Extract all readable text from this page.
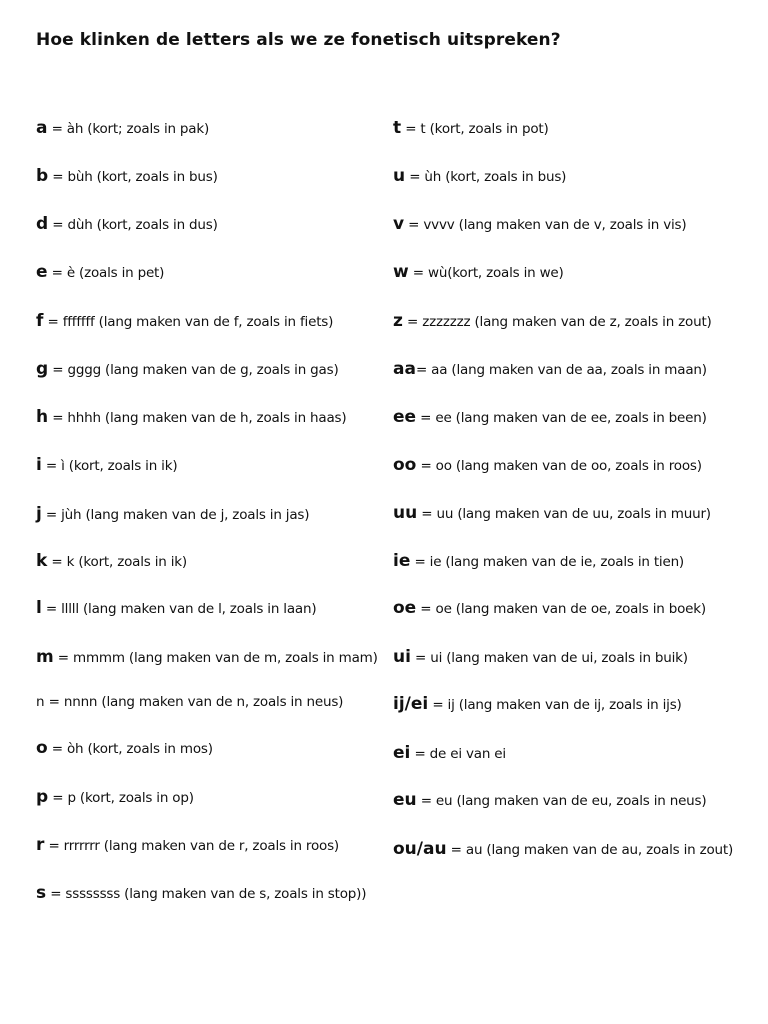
Hoe klinken de letters als we ze fonetisch uitspreken?
a = àh (kort; zoals in pak)
b = bùh (kort, zoals in bus)
d = dùh (kort, zoals in dus)
e = è (zoals in pet)
f = fffffff (lang maken van de f, zoals in fiets)
g = gggg (lang maken van de g, zoals in gas)
h = hhhh (lang maken van de h, zoals in haas)
i = ì (kort, zoals in ik)
j = jùh (lang maken van de j, zoals in jas)
k = k (kort, zoals in ik)
l = lllll (lang maken van de l, zoals in laan)
m = mmmm (lang maken van de m, zoals in mam)
n = nnnn (lang maken van de n, zoals in neus)
o = òh (kort, zoals in mos)
p = p (kort, zoals in op)
r = rrrrrrr (lang maken van de r, zoals in roos)
s = ssssssss (lang maken van de s, zoals in stop))
t = t (kort, zoals in pot)
u = ùh (kort, zoals in bus)
v = vvvv (lang maken van de v, zoals in vis)
w = wù(kort, zoals in we)
z = zzzzzzz (lang maken van de z, zoals in zout)
aa= aa (lang maken van de aa, zoals in maan)
ee = ee (lang maken van de ee, zoals in been)
oo = oo (lang maken van de oo, zoals in roos)
uu = uu (lang maken van de uu, zoals in muur)
ie = ie (lang maken van de ie, zoals in tien)
oe = oe (lang maken van de oe, zoals in boek)
ui = ui (lang maken van de ui, zoals in buik)
ij/ei = ij (lang maken van de ij, zoals in ijs)
ei = de ei van ei
eu = eu (lang maken van de eu, zoals in neus)
ou/au = au (lang maken van de au, zoals in zout)
